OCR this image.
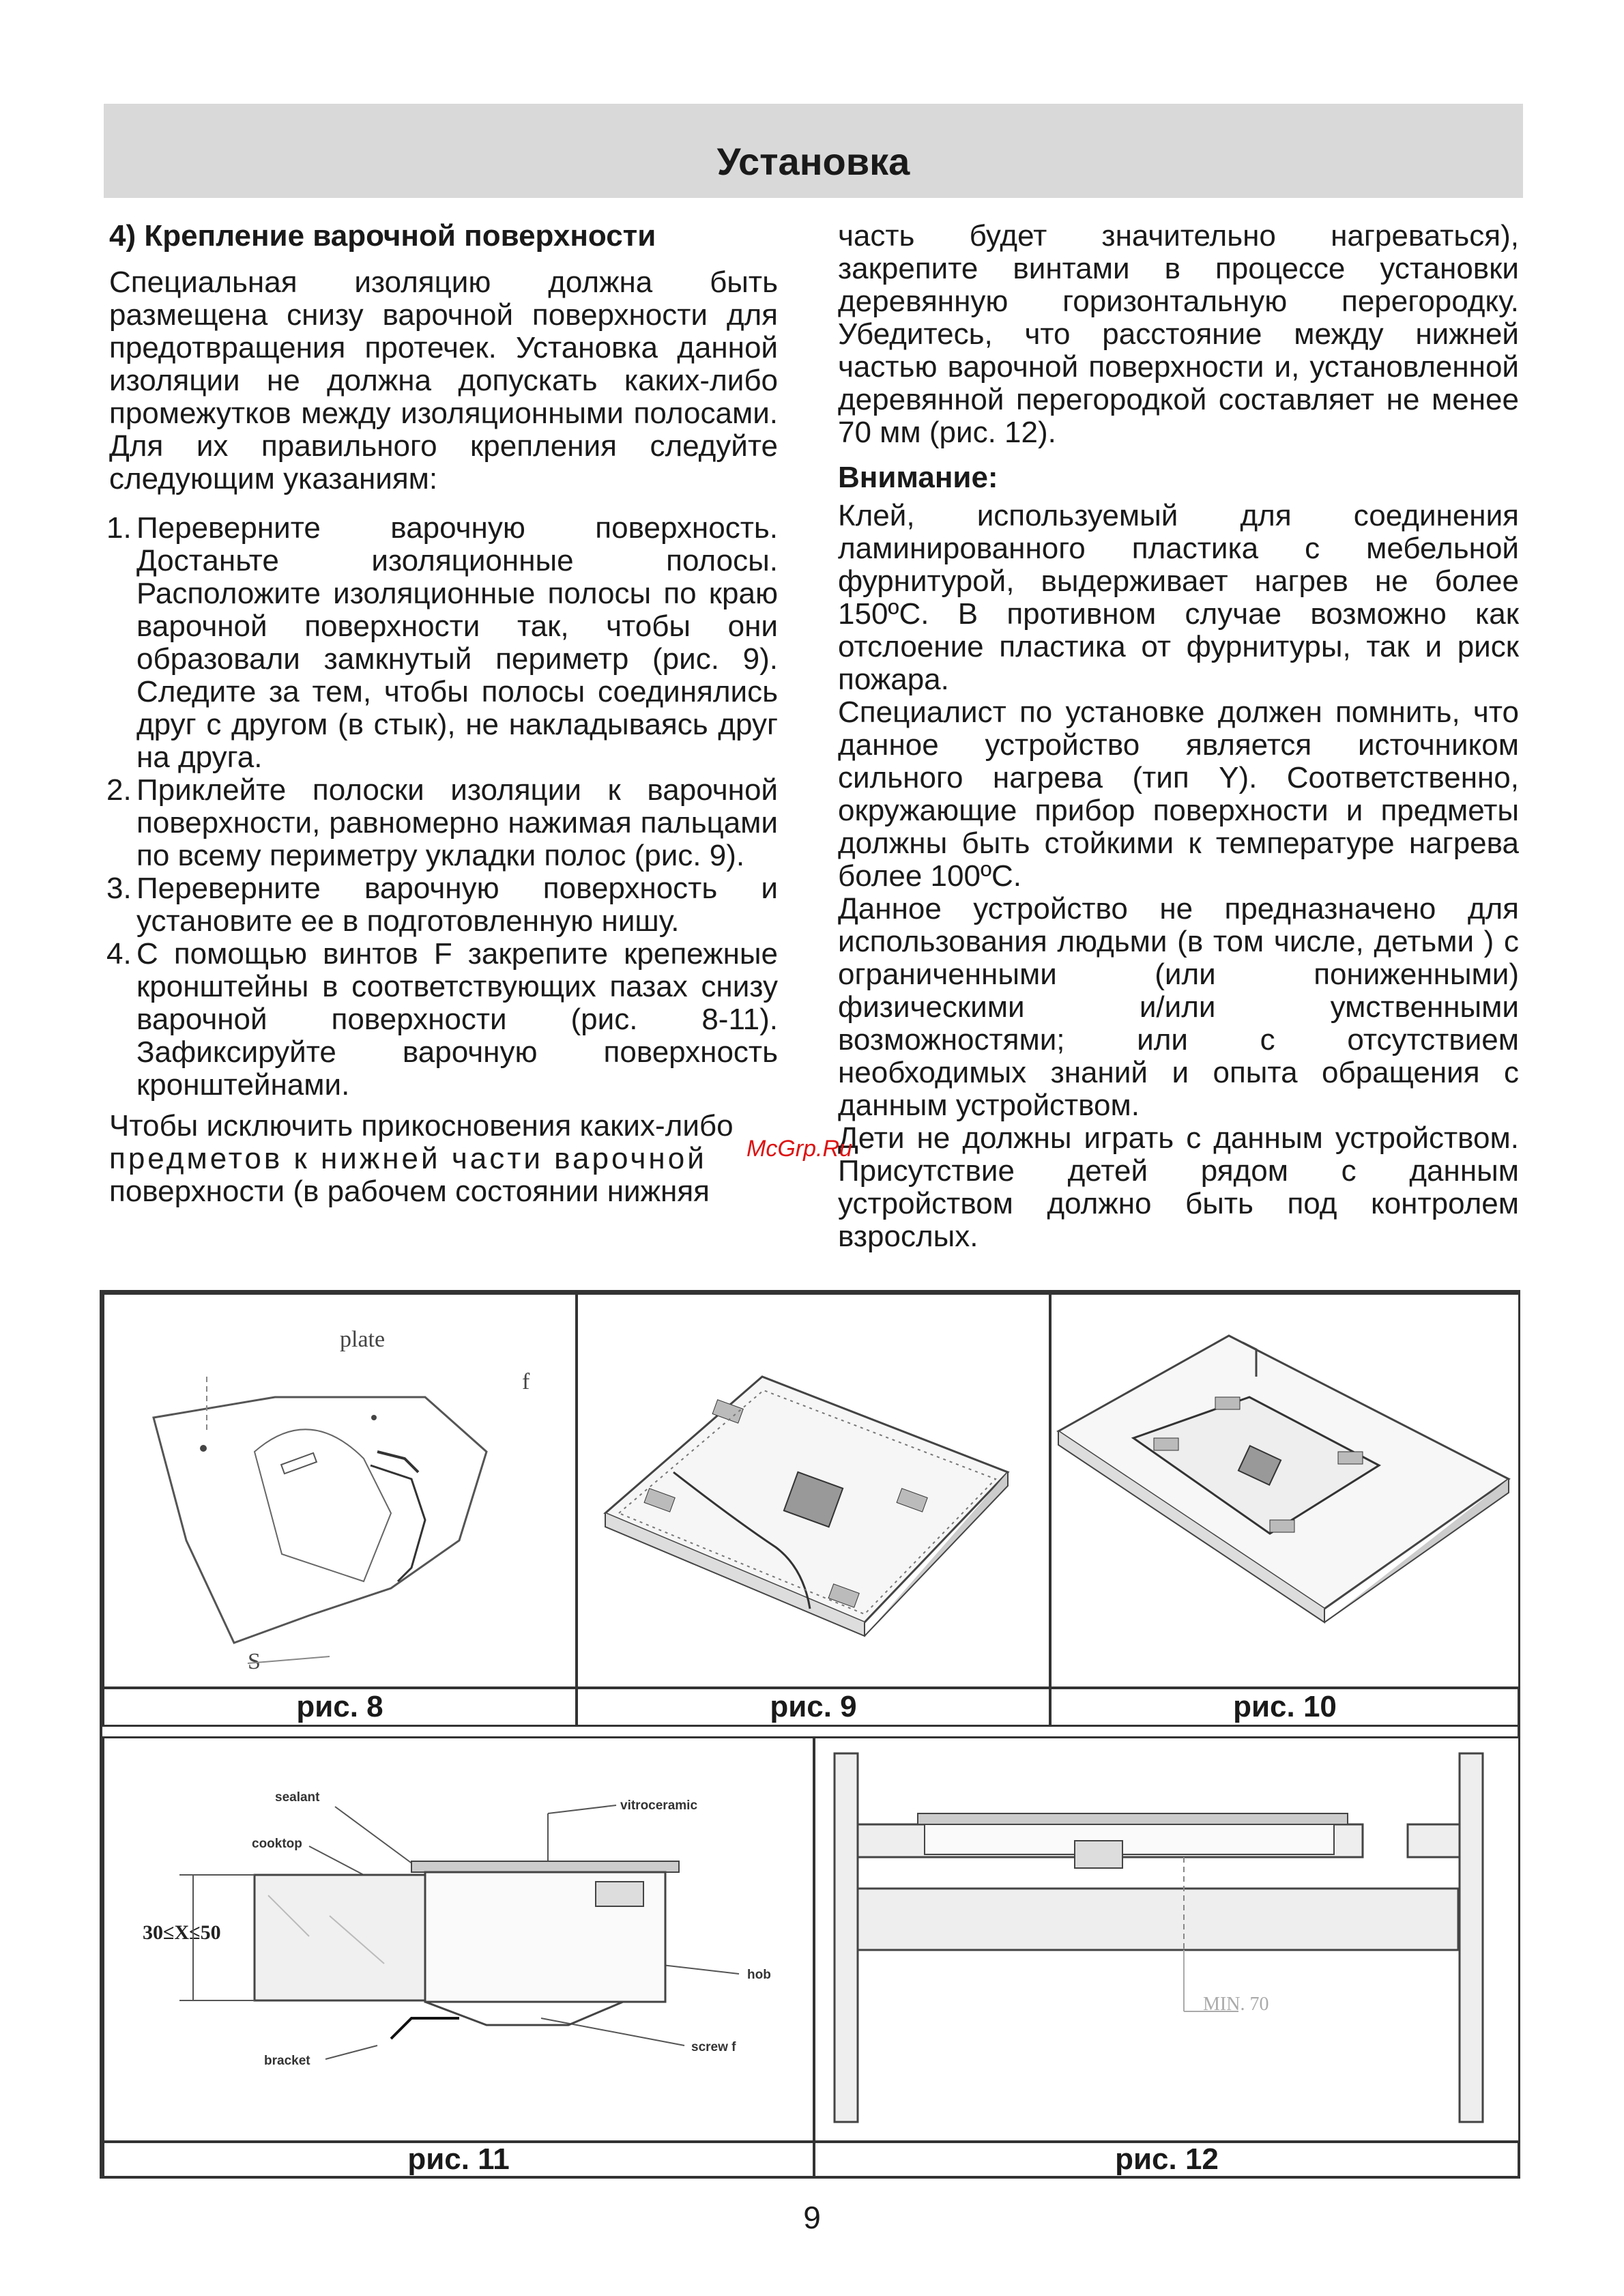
Установка
4) Крепление варочной поверхности

Специальная изоляцию должна быть размещена снизу варочной поверхности для предотвращения протечек. Установка данной изоляции не должна допускать каких-либо промежутков между изоляционными полосами. Для их правильного крепления следуйте следующим указаниям:

1. Переверните варочную поверхность. Достаньте изоляционные полосы. Расположите изоляционные полосы по краю варочной поверхности так, чтобы они образовали замкнутый периметр (рис. 9). Следите за тем, чтобы полосы соединялись друг с другом (в стык), не накладываясь друг на друга.
2. Приклейте полоски изоляции к варочной поверхности, равномерно нажимая пальцами по всему периметру укладки полос (рис. 9).
3. Переверните варочную поверхность и установите ее в подготовленную нишу.
4. С помощью винтов F закрепите крепежные кронштейны в соответствующих пазах снизу варочной поверхности (рис. 8-11). Зафиксируйте варочную поверхность кронштейнами.
Чтобы исключить прикосновения каких-либо
предметов к нижней части варочной
поверхности (в рабочем состоянии нижняя

часть будет значительно нагреваться), закрепите винтами в процессе установки деревянную горизонтальную перегородку. Убедитесь, что расстояние между нижней частью варочной поверхности и, установленной деревянной перегородкой составляет не менее 70 мм (рис. 12).

Внимание:

Клей, используемый для соединения ламинированного пластика с мебельной фурнитурой, выдерживает нагрев не более 150ºС. В противном случае возможно как отслоение пластика от фурнитуры, так и риск пожара.

Специалист по установке должен помнить, что данное устройство является источником сильного нагрева (тип Y). Соответственно, окружающие прибор поверхности и предметы должны быть стойкими к температуре нагрева более 100ºС.

Данное устройство не предназначено для использования людьми (в том числе, детьми ) с ограниченными (или пониженными) физическими и/или умственными возможностями; или с отсутствием необходимых знаний и опыта обращения с данным устройством.

Дети не должны играть с данным устройством. Присутствие детей рядом с данным устройством должно быть под контролем взрослых.

McGrp.Ru
plate
f
S
рис. 8	рис. 9	рис. 10
sealant
vitroceramic
cooktop
30≤X≤50
hob
screw f
bracket
MIN. 70
рис. 11	рис. 12
9
